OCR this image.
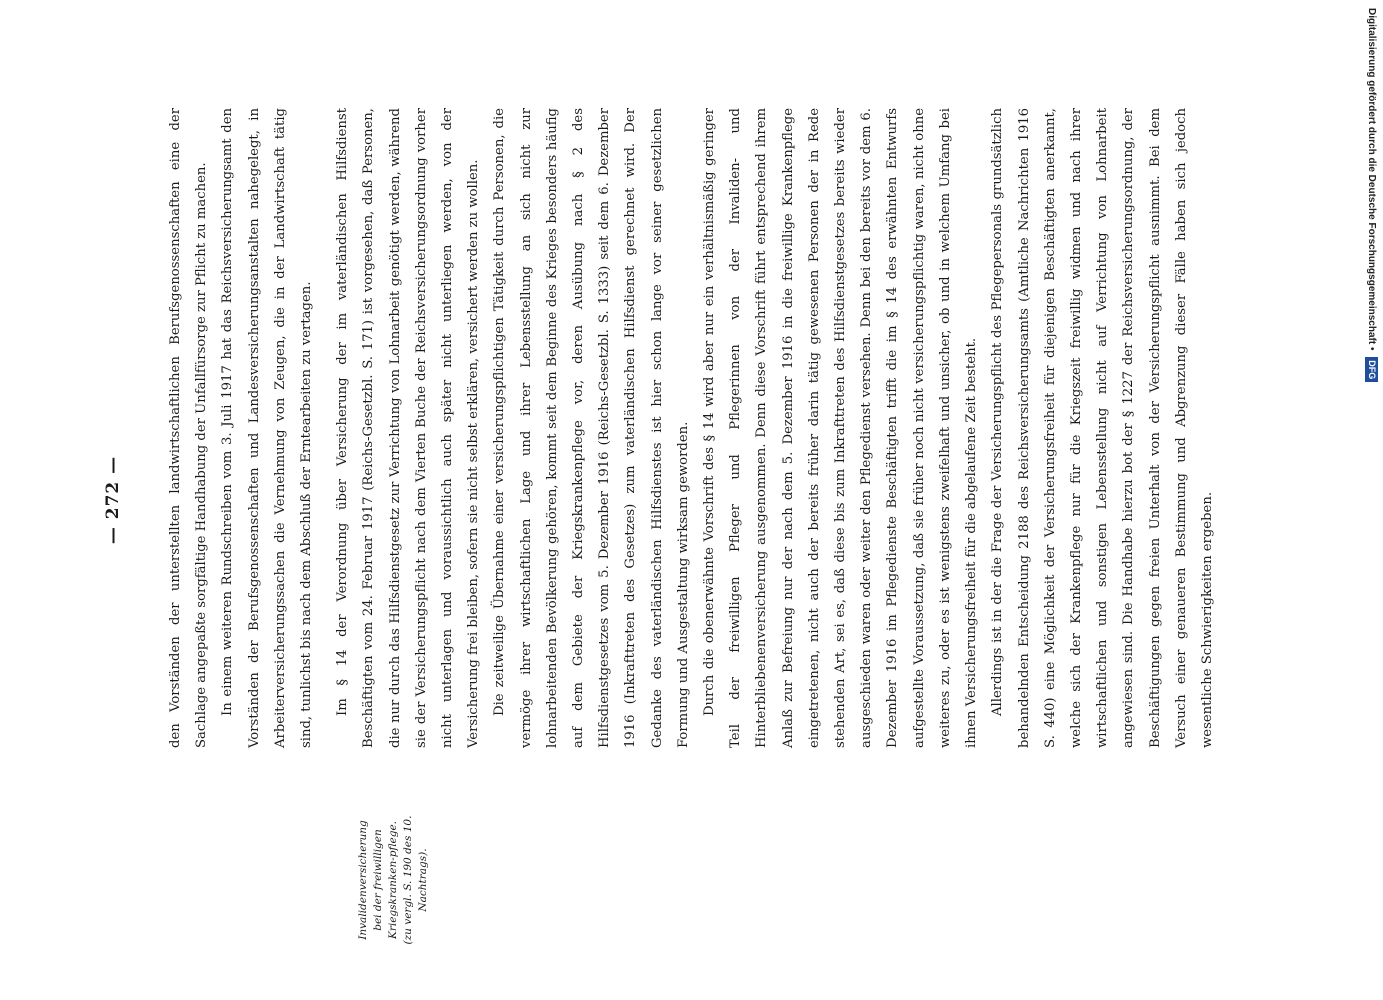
— 272 —

Invalidenversicherung bei der freiwilligen Kriegskranken-pflege. (zu vergl. S. 190 des 10. Nachtrags).

den Vorständen der unterstellten landwirtschaftlichen Berufsgenossenschaften eine der Sachlage angepaßte sorgfältige Handhabung der Unfallfürsorge zur Pflicht zu machen. In einem weiteren Rundschreiben vom 3. Juli 1917 hat das Reichsversicherungsamt den Vorständen der Berufsgenossenschaften und Landesversicherungsanstalten nahegelegt, in Arbeiterversicherungssachen die Vernehmung von Zeugen, die in der Landwirtschaft tätig sind, tunlichst bis nach dem Abschluß der Erntearbeiten zu vertagen.	Im § 14 der Verordnung über Versicherung der im vaterländischen Hilfsdienst Beschäftigten vom 24. Februar 1917 (Reichs-Gesetzbl. S. 171) ist vorgesehen, daß Personen, die nur durch das Hilfsdienstgesetz zur Verrichtung von Lohnarbeit genötigt werden, während sie der Versicherungspflicht nach dem Vierten Buche der Reichsversicherungsordnung vorher nicht unterlagen und voraussichtlich auch später nicht unterliegen werden, von der Versicherung frei bleiben, sofern sie nicht selbst erklären, versichert werden zu wollen. Die zeitweilige Übernahme einer versicherungspflichtigen Tätigkeit durch Personen, die vermöge ihrer wirtschaftlichen Lage und ihrer Lebensstellung an sich nicht zur lohnarbeitenden Bevölkerung gehören, kommt seit dem Beginne des Krieges besonders häufig auf dem Gebiete der Kriegskrankenpflege vor, deren Ausübung nach § 2 des Hilfsdienstgesetzes vom 5. Dezember 1916 (Reichs-Gesetzbl. S. 1333) seit dem 6. Dezember 1916 (Inkrafttreten des Gesetzes) zum vaterländischen Hilfsdienst gerechnet wird. Der Gedanke des vaterländischen Hilfsdienstes ist hier schon lange vor seiner gesetzlichen Formung und Ausgestaltung wirksam geworden. Durch die obenerwähnte Vorschrift des § 14 wird aber nur ein verhältnismäßig geringer Teil der freiwilligen Pfleger und Pflegerinnen von der Invaliden- und Hinterbliebenenversicherung ausgenommen. Denn diese Vorschrift führt entsprechend ihrem Anlaß zur Befreiung nur der nach dem 5. Dezember 1916 in die freiwillige Krankenpflege eingetretenen, nicht auch der bereits früher darin tätig gewesenen Personen der in Rede stehenden Art, sei es, daß diese bis zum Inkrafttreten des Hilfsdienstgesetzes bereits wieder ausgeschieden waren oder weiter den Pflegedienst versehen. Denn bei den bereits vor dem 6. Dezember 1916 im Pflegedienste Beschäftigten trifft die im § 14 des erwähnten Entwurfs aufgestellte Voraussetzung, daß sie früher noch nicht versicherungspflichtig waren, nicht ohne weiteres zu, oder es ist wenigstens zweifelhaft und unsicher, ob und in welchem Umfang bei ihnen Versicherungsfreiheit für die abgelaufene Zeit besteht. Allerdings ist in der die Frage der Versicherungspflicht des Pflegepersonals grundsätzlich behandelnden Entscheidung 2188 des Reichsversicherungsamts (Amtliche Nachrichten 1916 S. 440) eine Möglichkeit der Versicherungsfreiheit für diejenigen Beschäftigten anerkannt, welche sich der Krankenpflege nur für die Kriegszeit freiwillig widmen und nach ihrer wirtschaftlichen und sonstigen Lebensstellung nicht auf Verrichtung von Lohnarbeit angewiesen sind. Die Handhabe hierzu bot der § 1227 der Reichsversicherungsordnung, der Beschäftigungen gegen freien Unterhalt von der Versicherungspflicht ausnimmt. Bei dem Versuch einer genaueren Bestimmung und Abgrenzung dieser Fälle haben sich jedoch wesentliche Schwierigkeiten ergeben.

Digitalisierung gefördert durch die Deutsche Forschungsgemeinschaft • DFG
